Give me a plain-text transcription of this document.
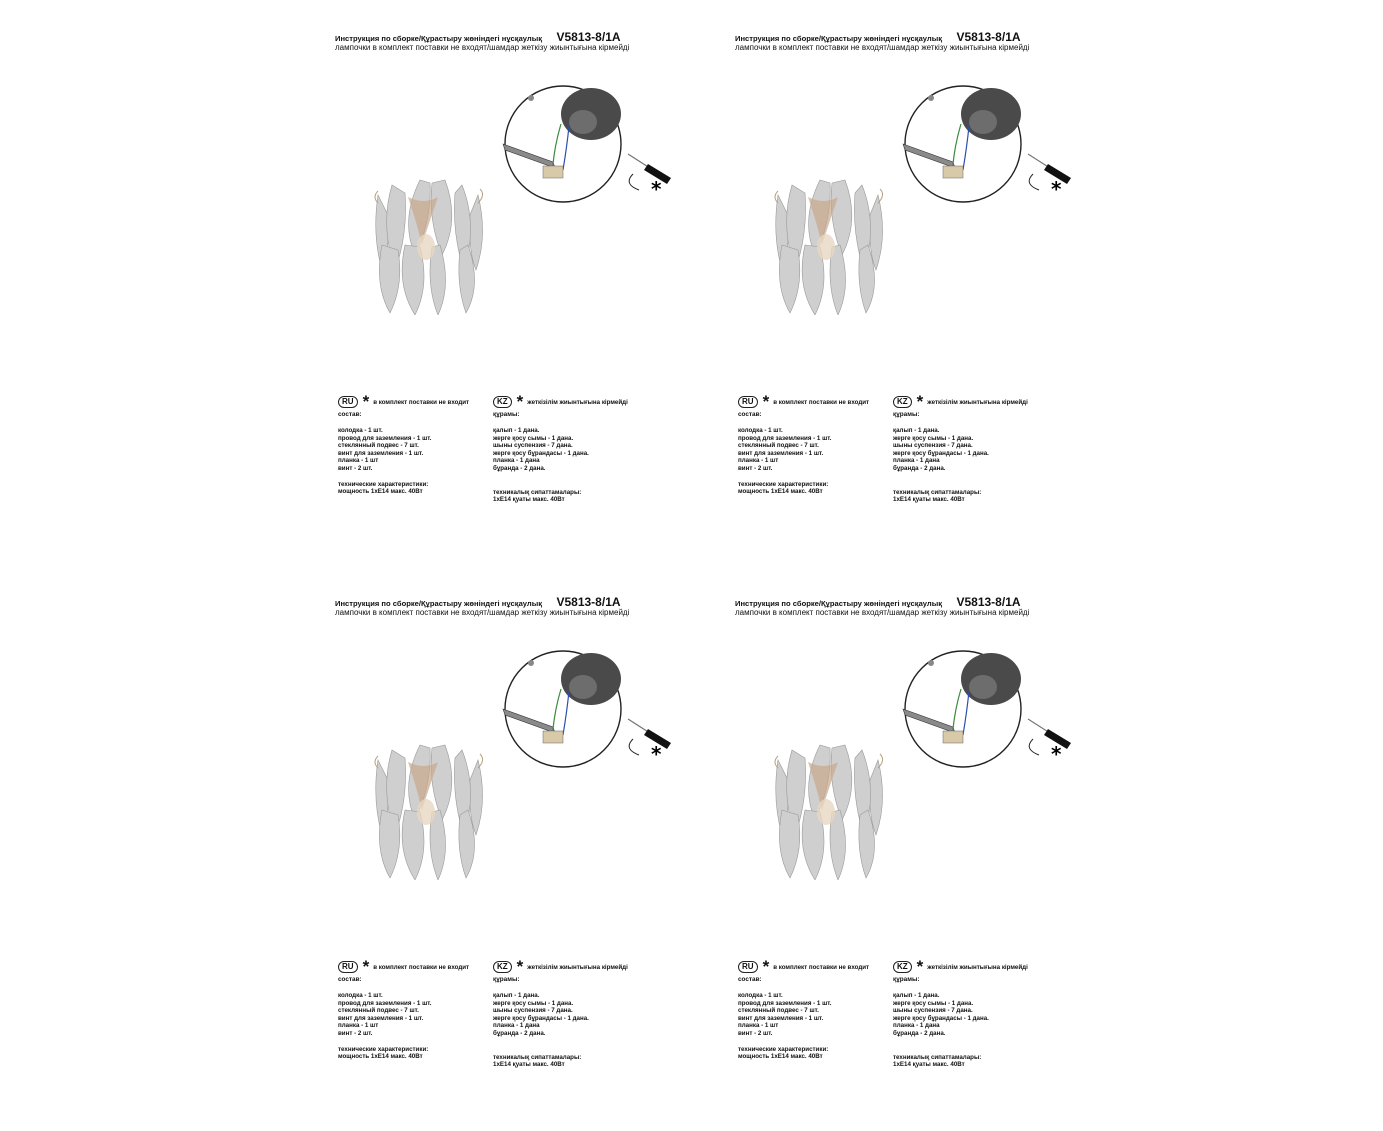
Инструкция по сборке/Құрастыру жөніндегі нұсқаулық V5813-8/1A
лампочки в комплект поставки не входят/шамдар жеткізу жиынтығына кірмейді
*
RU * в комплект поставки не входит
состав:
колодка - 1 шт.
провод для заземления - 1 шт.
стеклянный подвес - 7 шт.
винт для заземления - 1 шт.
планка - 1 шт
винт - 2 шт.
технические характеристики:
мощность 1xE14 макс. 40Вт
KZ * жеткізілім жиынтығына кірмейді
құрамы:
қалып - 1 дана.
жерге қосу сымы - 1 дана.
шыны суспензия - 7 дана.
жерге қосу бұрандасы - 1 дана.
планка - 1 дана
бұранда - 2 дана.
техникалық сипаттамалары:
1xE14 қуаты макс. 40Вт
Инструкция по сборке/Құрастыру жөніндегі нұсқаулық V5813-8/1A
лампочки в комплект поставки не входят/шамдар жеткізу жиынтығына кірмейді
*
RU * в комплект поставки не входит
состав:
колодка - 1 шт.
провод для заземления - 1 шт.
стеклянный подвес - 7 шт.
винт для заземления - 1 шт.
планка - 1 шт
винт - 2 шт.
технические характеристики:
мощность 1xE14 макс. 40Вт
KZ * жеткізілім жиынтығына кірмейді
құрамы:
қалып - 1 дана.
жерге қосу сымы - 1 дана.
шыны суспензия - 7 дана.
жерге қосу бұрандасы - 1 дана.
планка - 1 дана
бұранда - 2 дана.
техникалық сипаттамалары:
1xE14 қуаты макс. 40Вт
Инструкция по сборке/Құрастыру жөніндегі нұсқаулық V5813-8/1A
лампочки в комплект поставки не входят/шамдар жеткізу жиынтығына кірмейді
*
RU * в комплект поставки не входит
состав:
колодка - 1 шт.
провод для заземления - 1 шт.
стеклянный подвес - 7 шт.
винт для заземления - 1 шт.
планка - 1 шт
винт - 2 шт.
технические характеристики:
мощность 1xE14 макс. 40Вт
KZ * жеткізілім жиынтығына кірмейді
құрамы:
қалып - 1 дана.
жерге қосу сымы - 1 дана.
шыны суспензия - 7 дана.
жерге қосу бұрандасы - 1 дана.
планка - 1 дана
бұранда - 2 дана.
техникалық сипаттамалары:
1xE14 қуаты макс. 40Вт
Инструкция по сборке/Құрастыру жөніндегі нұсқаулық V5813-8/1A
лампочки в комплект поставки не входят/шамдар жеткізу жиынтығына кірмейді
*
RU * в комплект поставки не входит
состав:
колодка - 1 шт.
провод для заземления - 1 шт.
стеклянный подвес - 7 шт.
винт для заземления - 1 шт.
планка - 1 шт
винт - 2 шт.
технические характеристики:
мощность 1xE14 макс. 40Вт
KZ * жеткізілім жиынтығына кірмейді
құрамы:
қалып - 1 дана.
жерге қосу сымы - 1 дана.
шыны суспензия - 7 дана.
жерге қосу бұрандасы - 1 дана.
планка - 1 дана
бұранда - 2 дана.
техникалық сипаттамалары:
1xE14 қуаты макс. 40Вт
